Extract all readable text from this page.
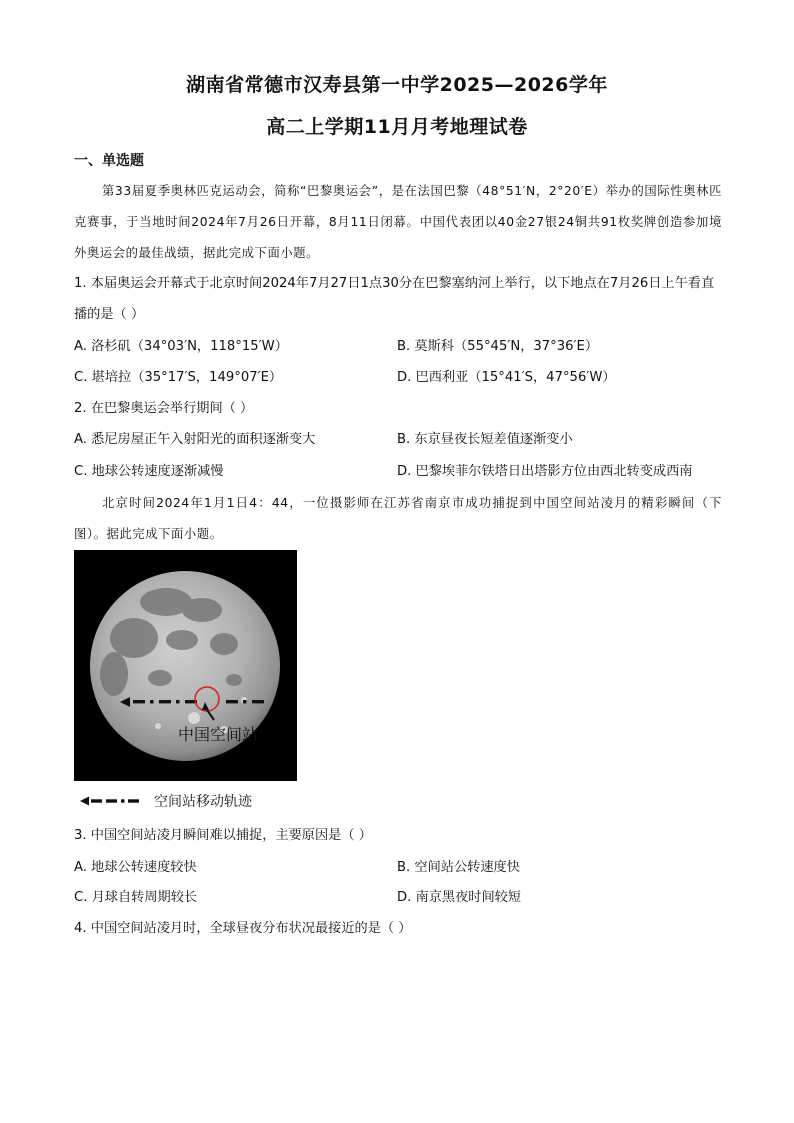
湖南省常德市汉寿县第一中学2025—2026学年
高二上学期11月月考地理试卷
一、单选题
第33届夏季奥林匹克运动会，简称“巴黎奥运会”，是在法国巴黎（48°51′N，2°20′E）举办的国际性奥林匹克赛事，于当地时间2024年7月26日开幕，8月11日闭幕。中国代表团以40金27银24铜共91枚奖牌创造参加境外奥运会的最佳战绩，据此完成下面小题。
1. 本届奥运会开幕式于北京时间2024年7月27日1点30分在巴黎塞纳河上举行，以下地点在7月26日上午看直播的是（ ）
A. 洛杉矶（34°03′N，118°15′W）	B. 莫斯科（55°45′N，37°36′E）
C. 堪培拉（35°17′S，149°07′E）	D. 巴西利亚（15°41′S，47°56′W）
2. 在巴黎奥运会举行期间（ ）
A. 悉尼房屋正午入射阳光的面积逐渐变大	B. 东京昼夜长短差值逐渐变小
C. 地球公转速度逐渐减慢	D. 巴黎埃菲尔铁塔日出塔影方位由西北转变成西南
北京时间2024年1月1日4：44，一位摄影师在江苏省南京市成功捕捉到中国空间站凌月的精彩瞬间（下图）。据此完成下面小题。
中国空间站
空间站移动轨迹
3. 中国空间站凌月瞬间难以捕捉，主要原因是（ ）
A. 地球公转速度较快	B. 空间站公转速度快
C. 月球自转周期较长	D. 南京黑夜时间较短
4. 中国空间站凌月时，全球昼夜分布状况最接近的是（ ）
